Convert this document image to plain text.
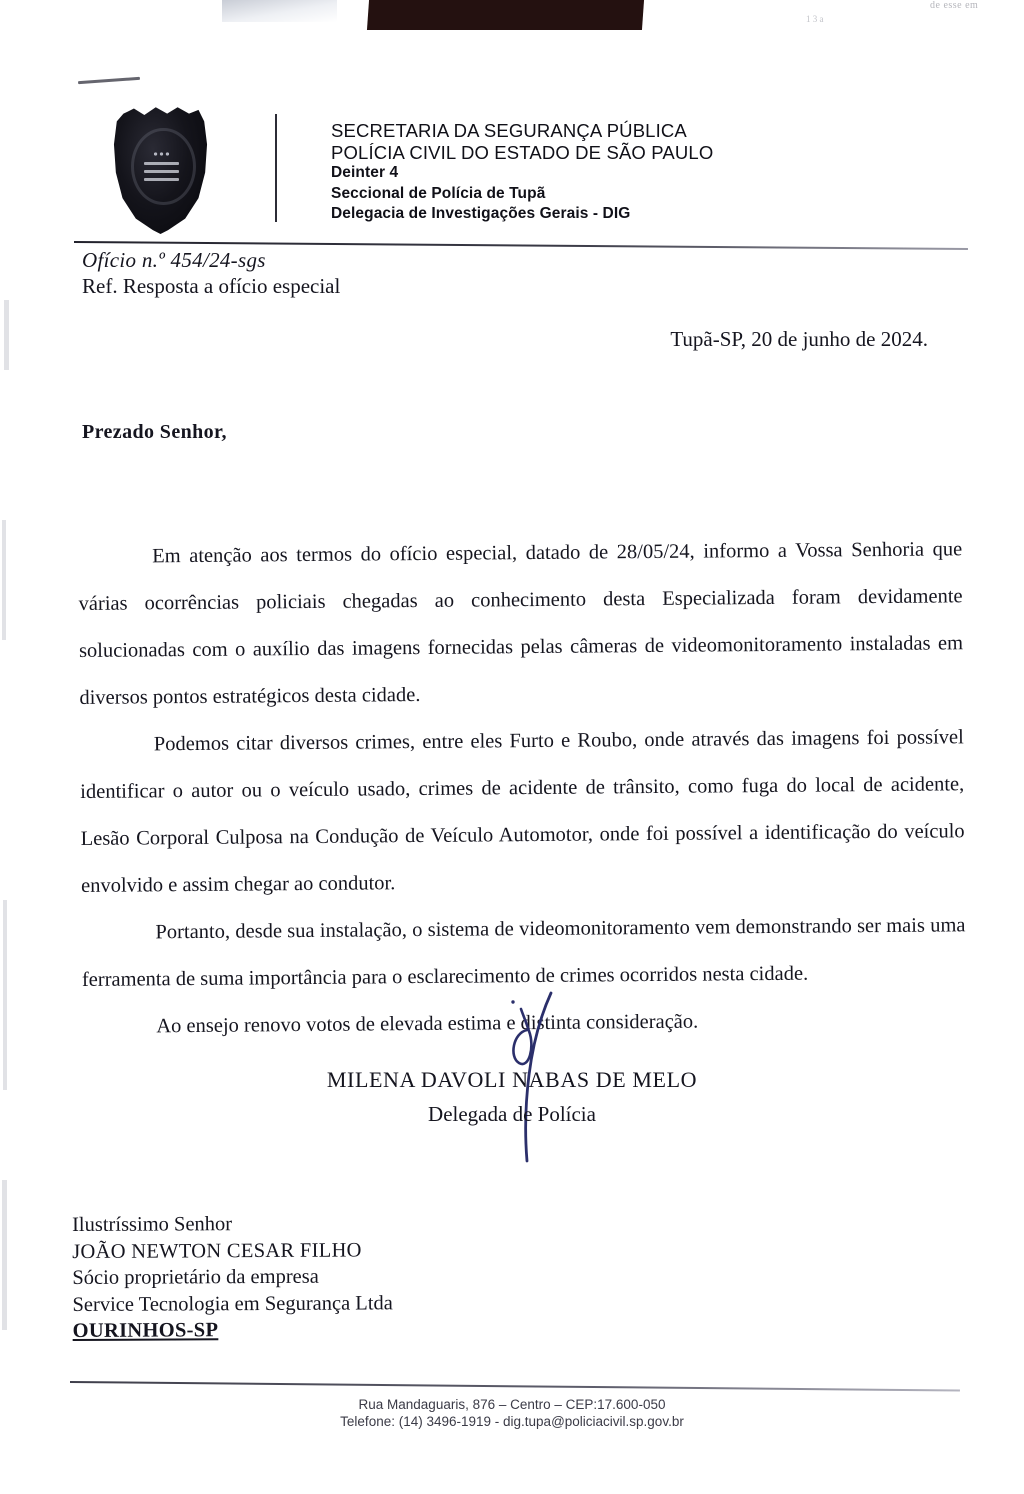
de esse em
1 3 a
SECRETARIA DA SEGURANÇA PÚBLICA
POLÍCIA CIVIL DO ESTADO DE SÃO PAULO
Deinter 4
Seccional de Polícia de Tupã
Delegacia de Investigações Gerais - DIG
Ofício n.º 454/24-sgs
Ref. Resposta a ofício especial
Tupã-SP, 20 de junho de 2024.
Prezado Senhor,

Em atenção aos termos do ofício especial, datado de 28/05/24, informo a Vossa Senhoria que várias ocorrências policiais chegadas ao conhecimento desta Especializada foram devidamente solucionadas com o auxílio das imagens fornecidas pelas câmeras de videomonitoramento instaladas em diversos pontos estratégicos desta cidade.

Podemos citar diversos crimes, entre eles Furto e Roubo, onde através das imagens foi possível identificar o autor ou o veículo usado, crimes de acidente de trânsito, como fuga do local de acidente, Lesão Corporal Culposa na Condução de Veículo Automotor, onde foi possível a identificação do veículo envolvido e assim chegar ao condutor.

Portanto, desde sua instalação, o sistema de videomonitoramento vem demonstrando ser mais uma ferramenta de suma importância para o esclarecimento de crimes ocorridos nesta cidade.

Ao ensejo renovo votos de elevada estima e distinta consideração.

MILENA DAVOLI NABAS DE MELO
Delegada de Polícia
Ilustríssimo Senhor
JOÃO NEWTON CESAR FILHO
Sócio proprietário da empresa
Service Tecnologia em Segurança Ltda
OURINHOS-SP
Rua Mandaguaris, 876 – Centro – CEP:17.600-050
Telefone: (14) 3496-1919 - dig.tupa@policiacivil.sp.gov.br
